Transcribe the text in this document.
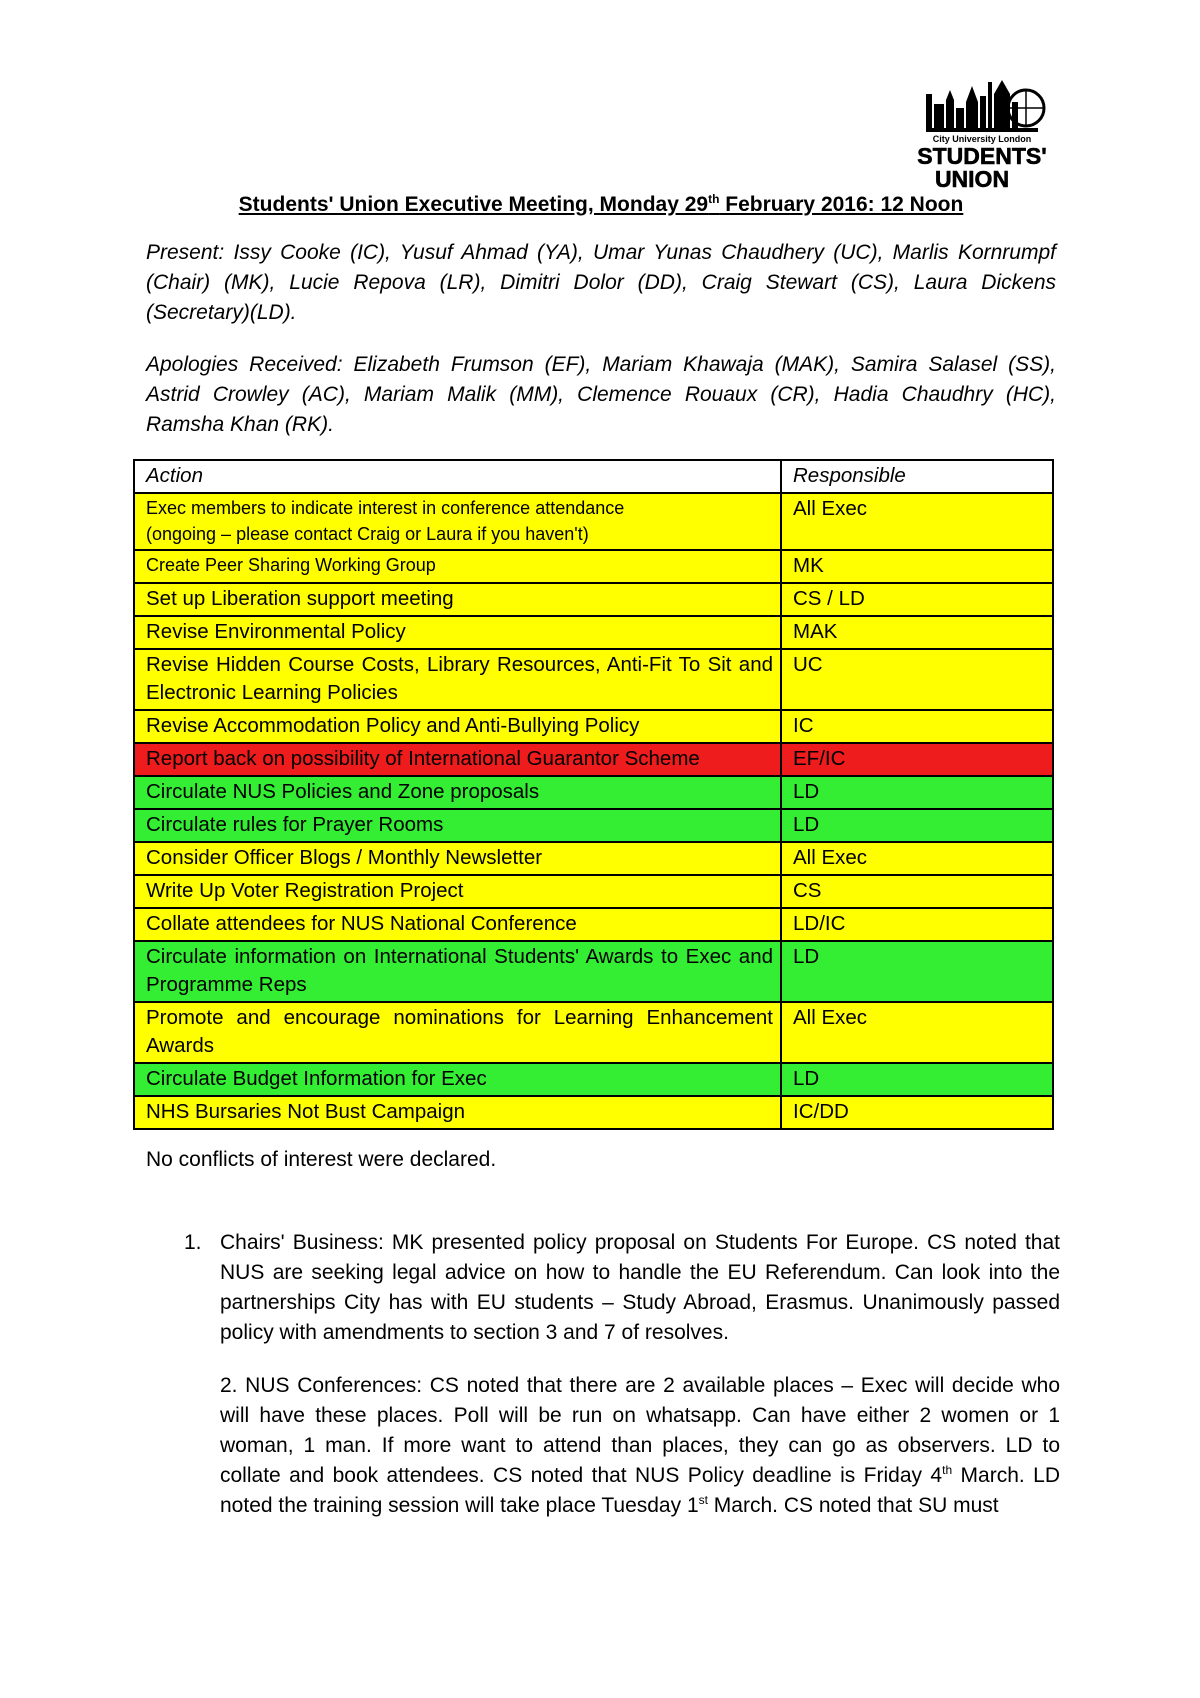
City University London
STUDENTS'
UNION
Students' Union Executive Meeting, Monday 29th February 2016: 12 Noon
Present: Issy Cooke (IC), Yusuf Ahmad (YA), Umar Yunas Chaudhery (UC), Marlis Kornrumpf (Chair) (MK), Lucie Repova (LR), Dimitri Dolor (DD), Craig Stewart (CS), Laura Dickens (Secretary)(LD).
Apologies Received: Elizabeth Frumson (EF), Mariam Khawaja (MAK), Samira Salasel (SS), Astrid Crowley (AC), Mariam Malik (MM), Clemence Rouaux (CR), Hadia Chaudhry (HC), Ramsha Khan (RK).
Action	Responsible
Exec members to indicate interest in conference attendance
(ongoing – please contact Craig or Laura if you haven't)	All Exec
Create Peer Sharing Working Group	MK
Set up Liberation support meeting	CS / LD
Revise Environmental Policy	MAK
Revise Hidden Course Costs, Library Resources, Anti-Fit To Sit and Electronic Learning Policies	UC
Revise Accommodation Policy and Anti-Bullying Policy	IC
Report back on possibility of International Guarantor Scheme	EF/IC
Circulate NUS Policies and Zone proposals	LD
Circulate rules for Prayer Rooms	LD
Consider Officer Blogs / Monthly Newsletter	All Exec
Write Up Voter Registration Project	CS
Collate attendees for NUS National Conference	LD/IC
Circulate information on International Students' Awards to Exec and Programme Reps	LD
Promote and encourage nominations for Learning Enhancement Awards	All Exec
Circulate Budget Information for Exec	LD
NHS Bursaries Not Bust Campaign	IC/DD
No conflicts of interest were declared.
1. Chairs' Business: MK presented policy proposal on Students For Europe. CS noted that NUS are seeking legal advice on how to handle the EU Referendum. Can look into the partnerships City has with EU students – Study Abroad, Erasmus. Unanimously passed policy with amendments to section 3 and 7 of resolves.
2. NUS Conferences: CS noted that there are 2 available places – Exec will decide who will have these places. Poll will be run on whatsapp. Can have either 2 women or 1 woman, 1 man. If more want to attend than places, they can go as observers. LD to collate and book attendees. CS noted that NUS Policy deadline is Friday 4th March. LD noted the training session will take place Tuesday 1st March. CS noted that SU must
